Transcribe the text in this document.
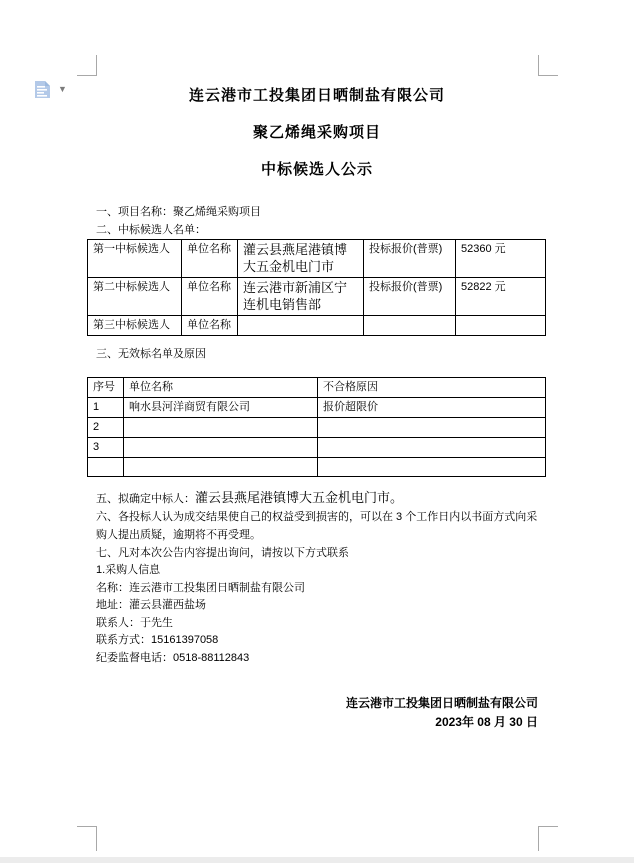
▼	连云港市工投集团日晒制盐有限公司
聚乙烯绳采购项目
中标候选人公示
一、项目名称：聚乙烯绳采购项目
二、中标候选人名单：
第一中标候选人	单位名称	灌云县燕尾港镇博大五金机电门市	投标报价(普票)	52360 元
第二中标候选人	单位名称	连云港市新浦区宁连机电销售部	投标报价(普票)	52822 元
第三中标候选人	单位名称			
三、无效标名单及原因
序号	单位名称	不合格原因
1	响水县河洋商贸有限公司	报价超限价
2		
3		

五、拟确定中标人：灌云县燕尾港镇博大五金机电门市。
六、各投标人认为成交结果使自己的权益受到损害的，可以在 3 个工作日内以书面方式向采购人提出质疑，逾期将不再受理。
七、凡对本次公告内容提出询问，请按以下方式联系
1.采购人信息
名称：连云港市工投集团日晒制盐有限公司
地址：灌云县灌西盐场
联系人：于先生
联系方式：15161397058
纪委监督电话：0518-88112843
连云港市工投集团日晒制盐有限公司
2023年 08 月 30 日
